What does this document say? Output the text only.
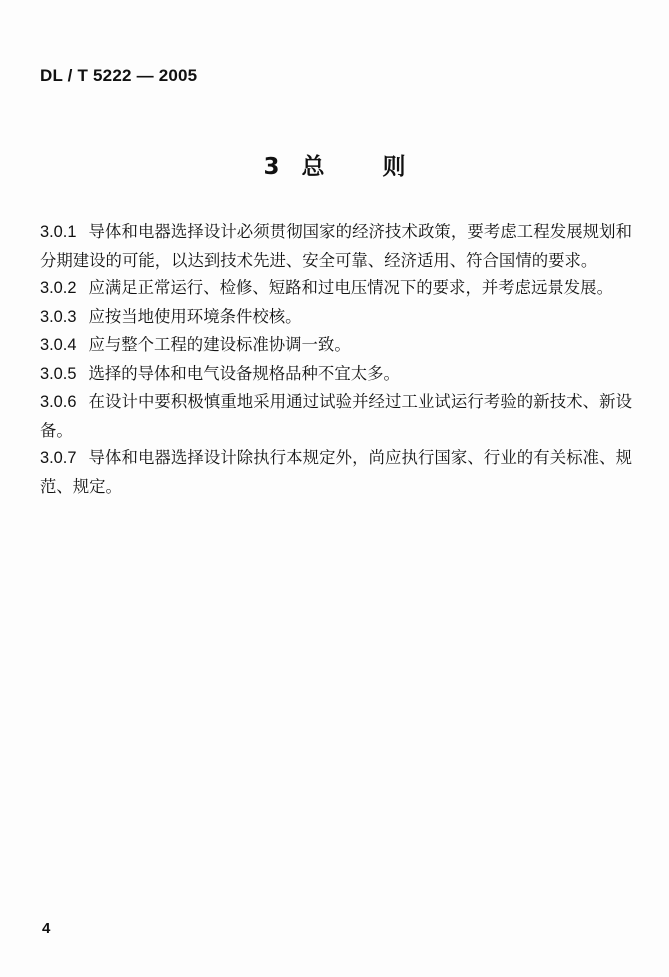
DL / T 5222 — 2005
3 总	则

3.0.1 导体和电器选择设计必须贯彻国家的经济技术政策，要考虑工程发展规划和分期建设的可能，以达到技术先进、安全可靠、经济适用、符合国情的要求。

3.0.2 应满足正常运行、检修、短路和过电压情况下的要求，并考虑远景发展。

3.0.3 应按当地使用环境条件校核。

3.0.4 应与整个工程的建设标准协调一致。

3.0.5 选择的导体和电气设备规格品种不宜太多。

3.0.6 在设计中要积极慎重地采用通过试验并经过工业试运行考验的新技术、新设备。

3.0.7 导体和电器选择设计除执行本规定外，尚应执行国家、行业的有关标准、规范、规定。

4
